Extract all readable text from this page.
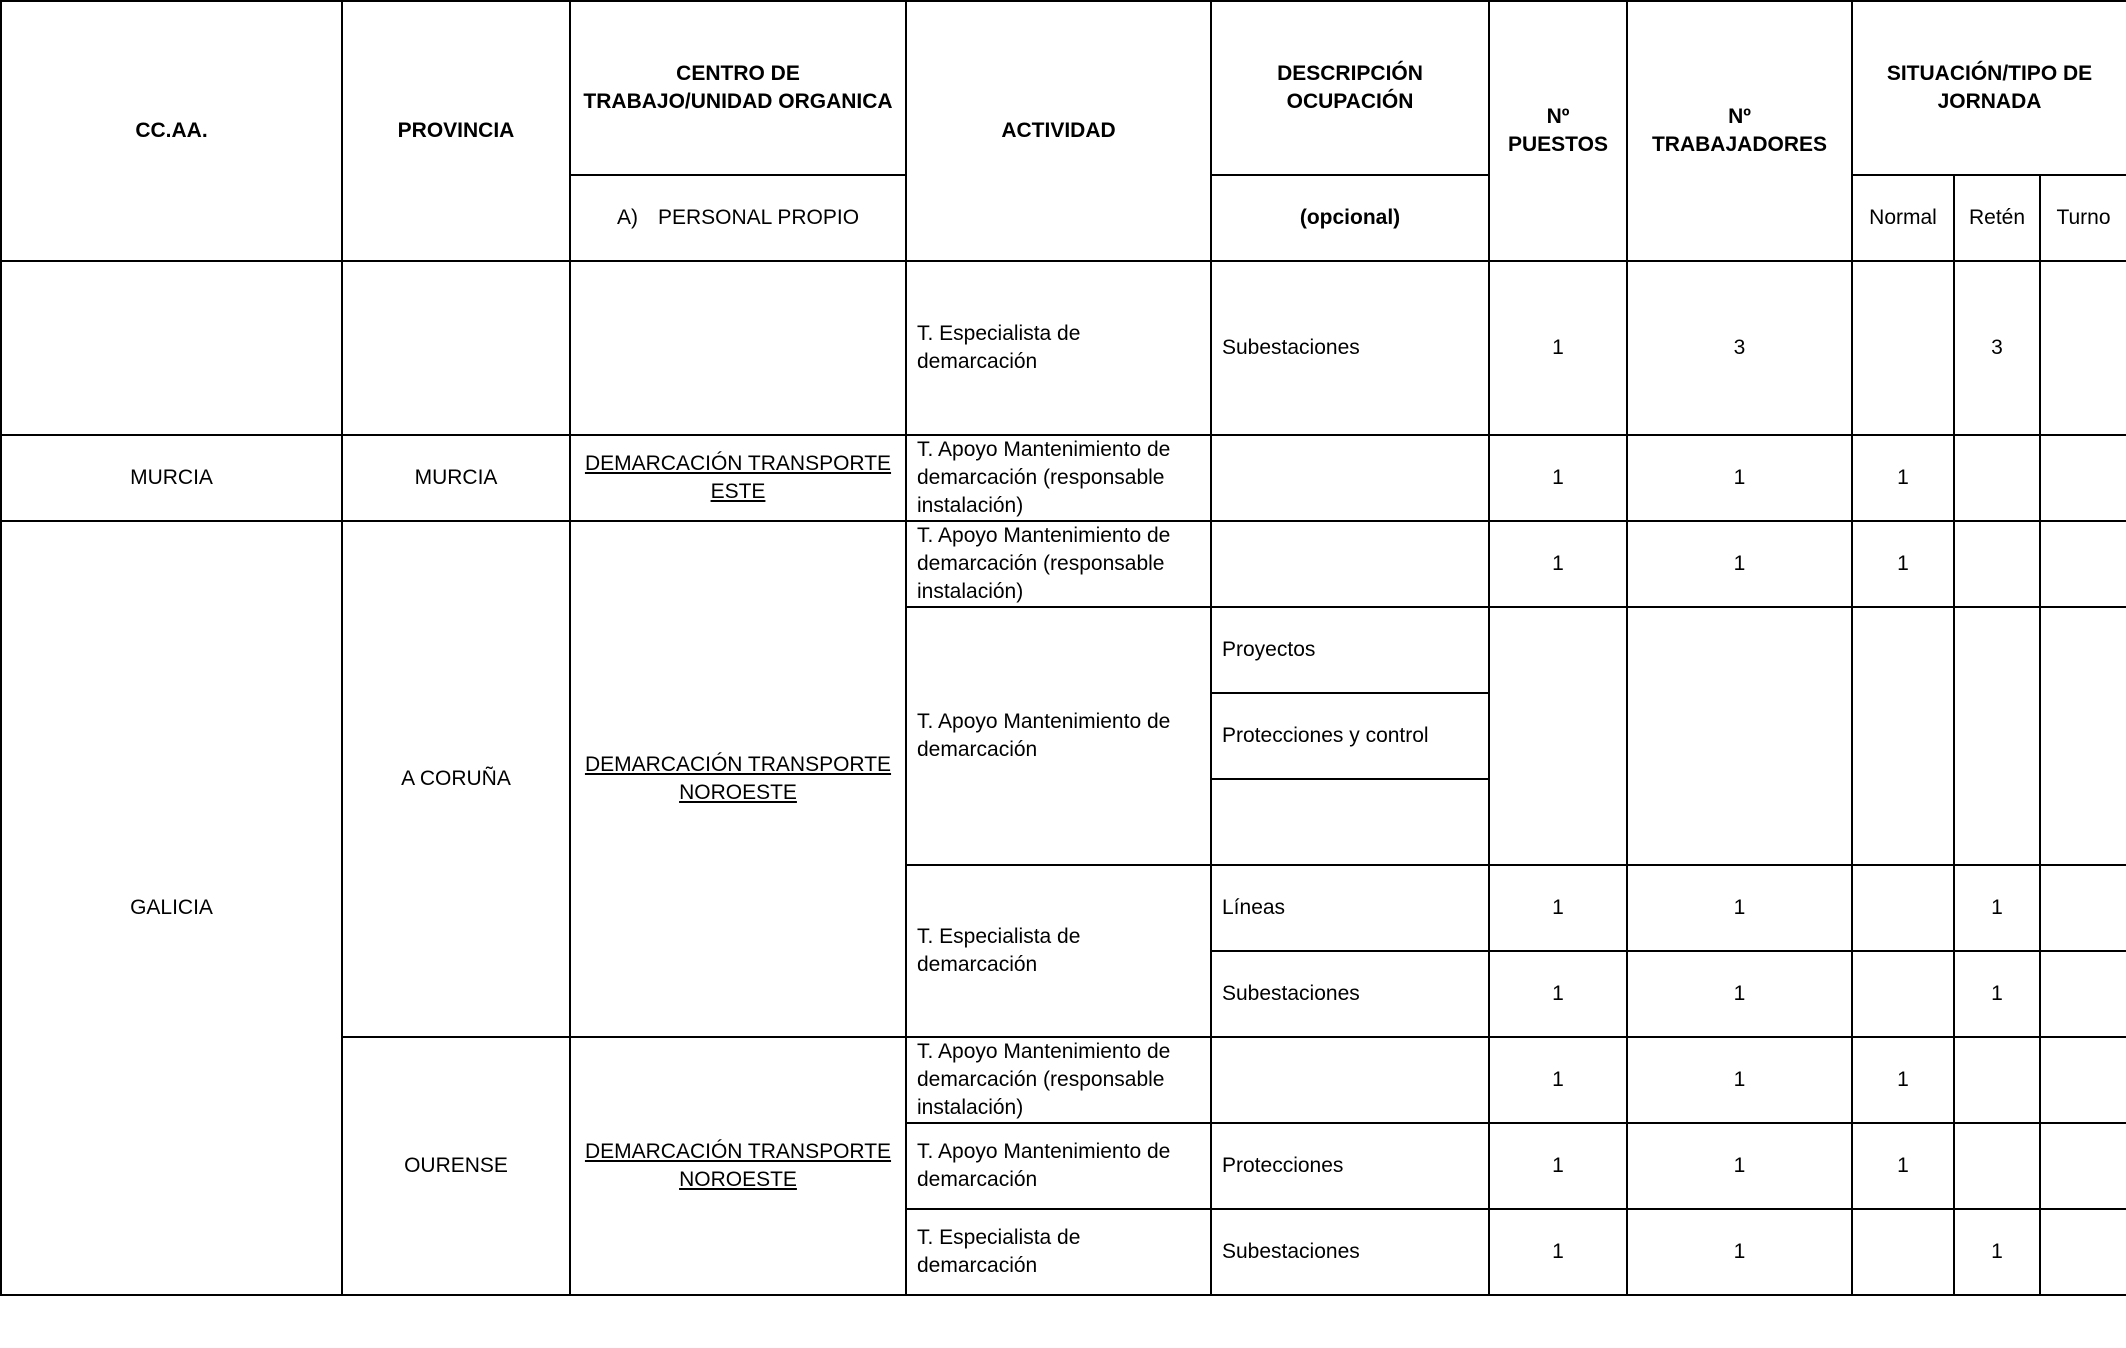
CC.AA.	PROVINCIA	CENTRO DE TRABAJO/UNIDAD ORGANICA	ACTIVIDAD	DESCRIPCIÓN OCUPACIÓN	Nº PUESTOS	Nº TRABAJADORES	SITUACIÓN/TIPO DE JORNADA		
		A) PERSONAL PROPIO		(opcional)			Normal	Retén	Turno
			T. Especialista de demarcación	Subestaciones	1	3		3	
MURCIA	MURCIA	DEMARCACIÓN TRANSPORTE ESTE	T. Apoyo Mantenimiento de demarcación (responsable instalación)		1	1	1		
GALICIA	A CORUÑA	DEMARCACIÓN TRANSPORTE NOROESTE	T. Apoyo Mantenimiento de demarcación (responsable instalación)		1	1	1		
			T. Apoyo Mantenimiento de demarcación	Proyectos					
				Protecciones y control					

			T. Especialista de demarcación	Líneas	1	1		1	
				Subestaciones	1	1		1	
	OURENSE	DEMARCACIÓN TRANSPORTE NOROESTE	T. Apoyo Mantenimiento de demarcación (responsable instalación)		1	1	1		
			T. Apoyo Mantenimiento de demarcación	Protecciones	1	1	1		
			T. Especialista de demarcación	Subestaciones	1	1		1	
